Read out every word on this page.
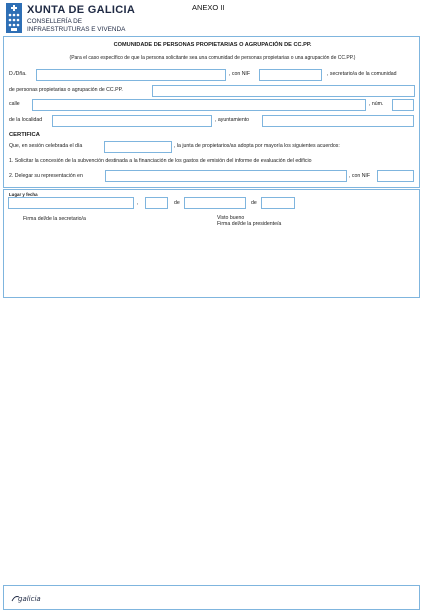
XUNTA DE GALICIA
CONSELLERÍA DE
INFRAESTRUTURAS E VIVENDA
ANEXO II
COMUNIDADE DE PERSONAS PROPIETARIAS O AGRUPACIÓN DE CC.PP.
(Para el caso específico de que la persona solicitante sea una comunidad de personas propietarias o una agrupación de CC.PP.)
D./Dña.	, con NIF	, secretario/a de la comunidad
de personas propietarias o agrupación de CC.PP.
calle	, núm.
de la localidad	, ayuntamiento
CERTIFICA
Que, en sesión celebrada el día	, la junta de propietarios/as adopta por mayoría los siguientes acuerdos:
1. Solicitar la concesión de la subvención destinada a la financiación de los gastos de emisión del informe de evaluación del edificio
2. Delegar su representación en	, con NIF
Lugar y fecha
,	de	de
Firma del/de la secretario/a	Visto bueno
Firma del/de la presidente/a
galicia
